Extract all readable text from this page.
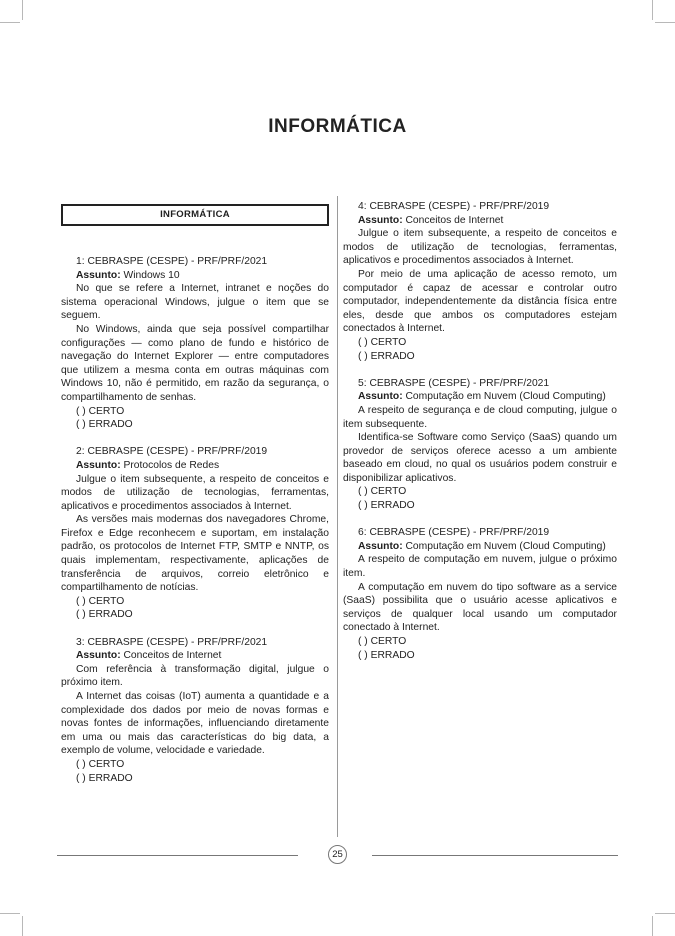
INFORMÁTICA
INFORMÁTICA
1: CEBRASPE (CESPE) - PRF/PRF/2021
Assunto: Windows 10

No que se refere a Internet, intranet e noções do sistema operacional Windows, julgue o item que se seguem.

No Windows, ainda que seja possível compartilhar configurações — como plano de fundo e histórico de navegação do Internet Explorer — entre computadores que utilizem a mesma conta em outras máquinas com Windows 10, não é permitido, em razão da segurança, o compartilhamento de senhas.

( ) CERTO
( ) ERRADO
2: CEBRASPE (CESPE) - PRF/PRF/2019
Assunto: Protocolos de Redes

Julgue o item subsequente, a respeito de conceitos e modos de utilização de tecnologias, ferramentas, aplicativos e procedimentos associados à Internet.

As versões mais modernas dos navegadores Chrome, Firefox e Edge reconhecem e suportam, em instalação padrão, os protocolos de Internet FTP, SMTP e NNTP, os quais implementam, respectivamente, aplicações de transferência de arquivos, correio eletrônico e compartilhamento de notícias.

( ) CERTO
( ) ERRADO
3: CEBRASPE (CESPE) - PRF/PRF/2021
Assunto: Conceitos de Internet

Com referência à transformação digital, julgue o próximo item.

A Internet das coisas (IoT) aumenta a quantidade e a complexidade dos dados por meio de novas formas e novas fontes de informações, influenciando diretamente em uma ou mais das características do big data, a exemplo de volume, velocidade e variedade.

( ) CERTO
( ) ERRADO
4: CEBRASPE (CESPE) - PRF/PRF/2019
Assunto: Conceitos de Internet

Julgue o item subsequente, a respeito de conceitos e modos de utilização de tecnologias, ferramentas, aplicativos e procedimentos associados à Internet.

Por meio de uma aplicação de acesso remoto, um computador é capaz de acessar e controlar outro computador, independentemente da distância física entre eles, desde que ambos os computadores estejam conectados à Internet.

( ) CERTO
( ) ERRADO
5: CEBRASPE (CESPE) - PRF/PRF/2021
Assunto: Computação em Nuvem (Cloud Computing)

A respeito de segurança e de cloud computing, julgue o item subsequente.

Identifica-se Software como Serviço (SaaS) quando um provedor de serviços oferece acesso a um ambiente baseado em cloud, no qual os usuários podem construir e disponibilizar aplicativos.

( ) CERTO
( ) ERRADO
6: CEBRASPE (CESPE) - PRF/PRF/2019
Assunto: Computação em Nuvem (Cloud Computing)

A respeito de computação em nuvem, julgue o próximo item.

A computação em nuvem do tipo software as a service (SaaS) possibilita que o usuário acesse aplicativos e serviços de qualquer local usando um computador conectado à Internet.

( ) CERTO
( ) ERRADO
25
